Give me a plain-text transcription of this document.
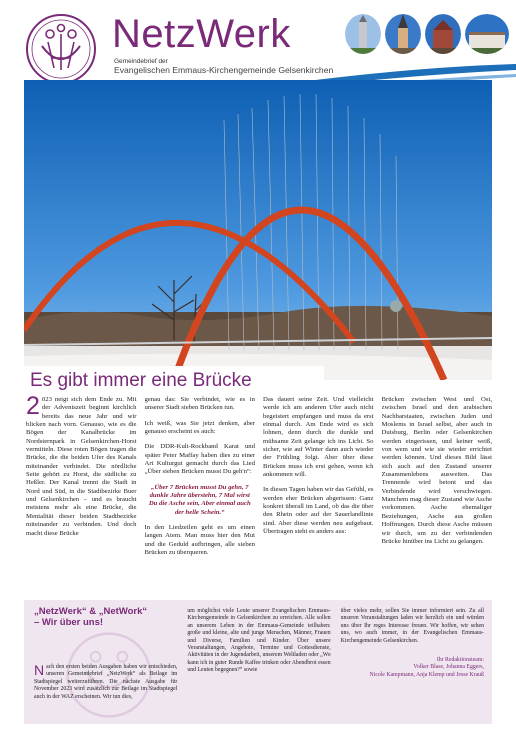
NetzWerk
Gemeindebrief der
Evangelischen Emmaus-Kirchengemeinde Gelsenkirchen
Es gibt immer eine Brücke

2 023 neigt sich dem Ende zu. Mit der Adventszeit beginnt kirchlich bereits das neue Jahr und wir blicken nach vorn. Genauso, wie es die Bögen der Kanalbrücke im Nordsternpark in Gelsenkirchen-Horst vermitteln. Diese roten Bögen tragen die Brücke, die die beiden Ufer des Kanals miteinander verbindet. Die nördliche Seite gehört zu Horst, die südliche zu Heßler. Der Kanal trennt die Stadt in Nord und Süd, in die Stadtbezirke Buer und Gelsenkirchen – und es braucht meistens mehr als eine Brücke, die Mentalität dieser beiden Stadtbezirke miteinander zu verbinden. Und doch macht diese Brücke

genau das: Sie verbindet, wie es in unserer Stadt sieben Brücken tun.

Ich weiß, was Sie jetzt denken, aber genauso erscheint es auch:

Die DDR-Kult-Rockband Karat und später Peter Maffay haben dies zu einer Art Kulturgut gemacht durch das Lied „Über sieben Brücken musst Du geh'n“:

„Über 7 Brücken musst Du gehn, 7 dunkle Jahre überstehn, 7 Mal wirst Du die Asche sein, Aber einmal auch der helle Schein.“

In den Liedzeilen geht es um einen langen Atem. Man muss hier den Mut und die Geduld aufbringen, alle sieben Brücken zu überqueren.

Das dauert seine Zeit. Und vielleicht werde ich am anderen Ufer auch nicht begeistert empfangen und muss da erst einmal durch. Am Ende wird es sich lohnen, denn durch die dunkle und mühsame Zeit gelange ich ins Licht. So sicher, wie auf Winter dann auch wieder der Frühling folgt. Aber über diese Brücken muss ich erst gehen, wenn ich ankommen will.

In diesen Tagen haben wir das Gefühl, es werden eher Brücken abgerissen: Ganz konkret überall im Land, ob das die über den Rhein oder auf der Sauerlandlinie sind. Aber diese werden neu aufgebaut. Übertragen sieht es anders aus:

Brücken zwischen West und Ost, zwischen Israel und den arabischen Nachbarstaaten, zwischen Juden und Moslems in Israel selbst, aber auch in Duisburg, Berlin oder Gelsenkirchen werden eingerissen, und keiner weiß, von wem und wie sie wieder errichtet werden können. Und dieses Bild lässt sich auch auf den Zustand unserer Zusammenlebens ausweiten. Das Trennende wird betont und das Verbindende wird verschwiegen. Manchem mag dieser Zustand wie Asche vorkommen. Asche ehemaliger Beziehungen, Asche aus großen Hoffnungen. Durch diese Asche müssen wir durch, um zu der verbindenden Brücke hinüber ins Licht zu gelangen.

„NetzWerk“ & „NetWork“
– Wir über uns!
Nach den ersten beiden Ausgaben haben wir entschieden, unseren Gemeindebrief „NetzWerk“ als Beilage im Stadtspiegel weiterzuführen. Die nächste Ausgabe für November 2023 wird zusätzlich zur Beilage im Stadtspiegel auch in der WAZ erscheinen. Wir tun dies,
um möglichst viele Leute unserer Evangelischen Emmaus-Kirchengemeinde in Gelsenkirchen zu erreichen. Alle sollen an unserem Leben in der Emmaus-Gemeinde teilhaben: große und kleine, alte und junge Menschen, Männer, Frauen und Diverse, Familien und Kinder. Über unsere Veranstaltungen, Angebote, Termine und Gottesdienste, Aktivitäten in der Jugendarbeit, unserem Weltladen oder „Wo kann ich in guter Runde Kaffee trinken oder Abendbrot essen und Leuten begegnen?“ sowie
über vieles mehr, sollen Sie immer informiert sein. Zu all unseren Veranstaltungen laden wir herzlich ein und würden uns über Ihr reges Interesse freuen. Wir hoffen, wir sehen uns, wo auch immer, in der Evangelischen Emmaus-Kirchengemeinde Gelsenkirchen.
Ihr Redaktionsteam:
Volker Blase, Johanna Eggers,
Nicole Kampmann, Anja Klemp und Jesse Krauß
